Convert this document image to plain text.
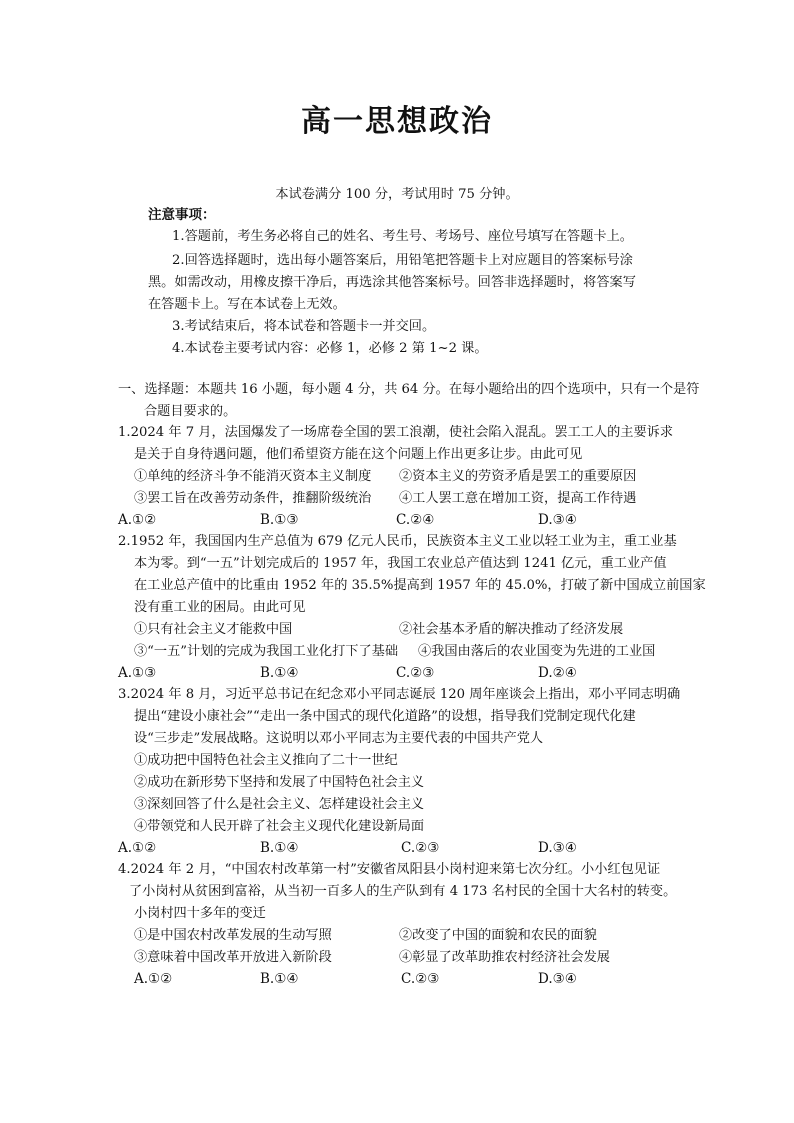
高一思想政治
本试卷满分 100 分，考试用时 75 分钟。
注意事项：
1.答题前，考生务必将自己的姓名、考生号、考场号、座位号填写在答题卡上。
2.回答选择题时，选出每小题答案后，用铅笔把答题卡上对应题目的答案标号涂
黑。如需改动，用橡皮擦干净后，再选涂其他答案标号。回答非选择题时，将答案写
在答题卡上。写在本试卷上无效。
3.考试结束后，将本试卷和答题卡一并交回。
4.本试卷主要考试内容：必修 1，必修 2 第 1~2 课。
一、选择题：本题共 16 小题，每小题 4 分，共 64 分。在每小题给出的四个选项中，只有一个是符
合题目要求的。
1.2024 年 7 月，法国爆发了一场席卷全国的罢工浪潮，使社会陷入混乱。罢工工人的主要诉求
是关于自身待遇问题，他们希望资方能在这个问题上作出更多让步。由此可见
①单纯的经济斗争不能消灭资本主义制度 ②资本主义的劳资矛盾是罢工的重要原因
③罢工旨在改善劳动条件，推翻阶级统治 ④工人罢工意在增加工资，提高工作待遇
A.①②	B.①③	C.②④	D.③④
2.1952 年，我国国内生产总值为 679 亿元人民币，民族资本主义工业以轻工业为主，重工业基
本为零。到“一五”计划完成后的 1957 年，我国工农业总产值达到 1241 亿元，重工业产值
在工业总产值中的比重由 1952 年的 35.5%提高到 1957 年的 45.0%，打破了新中国成立前国家
没有重工业的困局。由此可见
①只有社会主义才能救中国	②社会基本矛盾的解决推动了经济发展
③“一五”计划的完成为我国工业化打下了基础 ④我国由落后的农业国变为先进的工业国
A.①③	B.①④	C.②③	D.②④
3.2024 年 8 月，习近平总书记在纪念邓小平同志诞辰 120 周年座谈会上指出，邓小平同志明确
提出“建设小康社会”“走出一条中国式的现代化道路”的设想，指导我们党制定现代化建
设“三步走”发展战略。这说明以邓小平同志为主要代表的中国共产党人
①成功把中国特色社会主义推向了二十一世纪
②成功在新形势下坚持和发展了中国特色社会主义
③深刻回答了什么是社会主义、怎样建设社会主义
④带领党和人民开辟了社会主义现代化建设新局面
A.①②	B.①④	C.②③	D.③④
4.2024 年 2 月，“中国农村改革第一村”安徽省凤阳县小岗村迎来第七次分红。小小红包见证
了小岗村从贫困到富裕，从当初一百多人的生产队到有 4 173 名村民的全国十大名村的转变。
小岗村四十多年的变迁
①是中国农村改革发展的生动写照	②改变了中国的面貌和农民的面貌
③意味着中国改革开放进入新阶段	④彰显了改革助推农村经济社会发展
A.①②	B.①④	C.②③	D.③④
